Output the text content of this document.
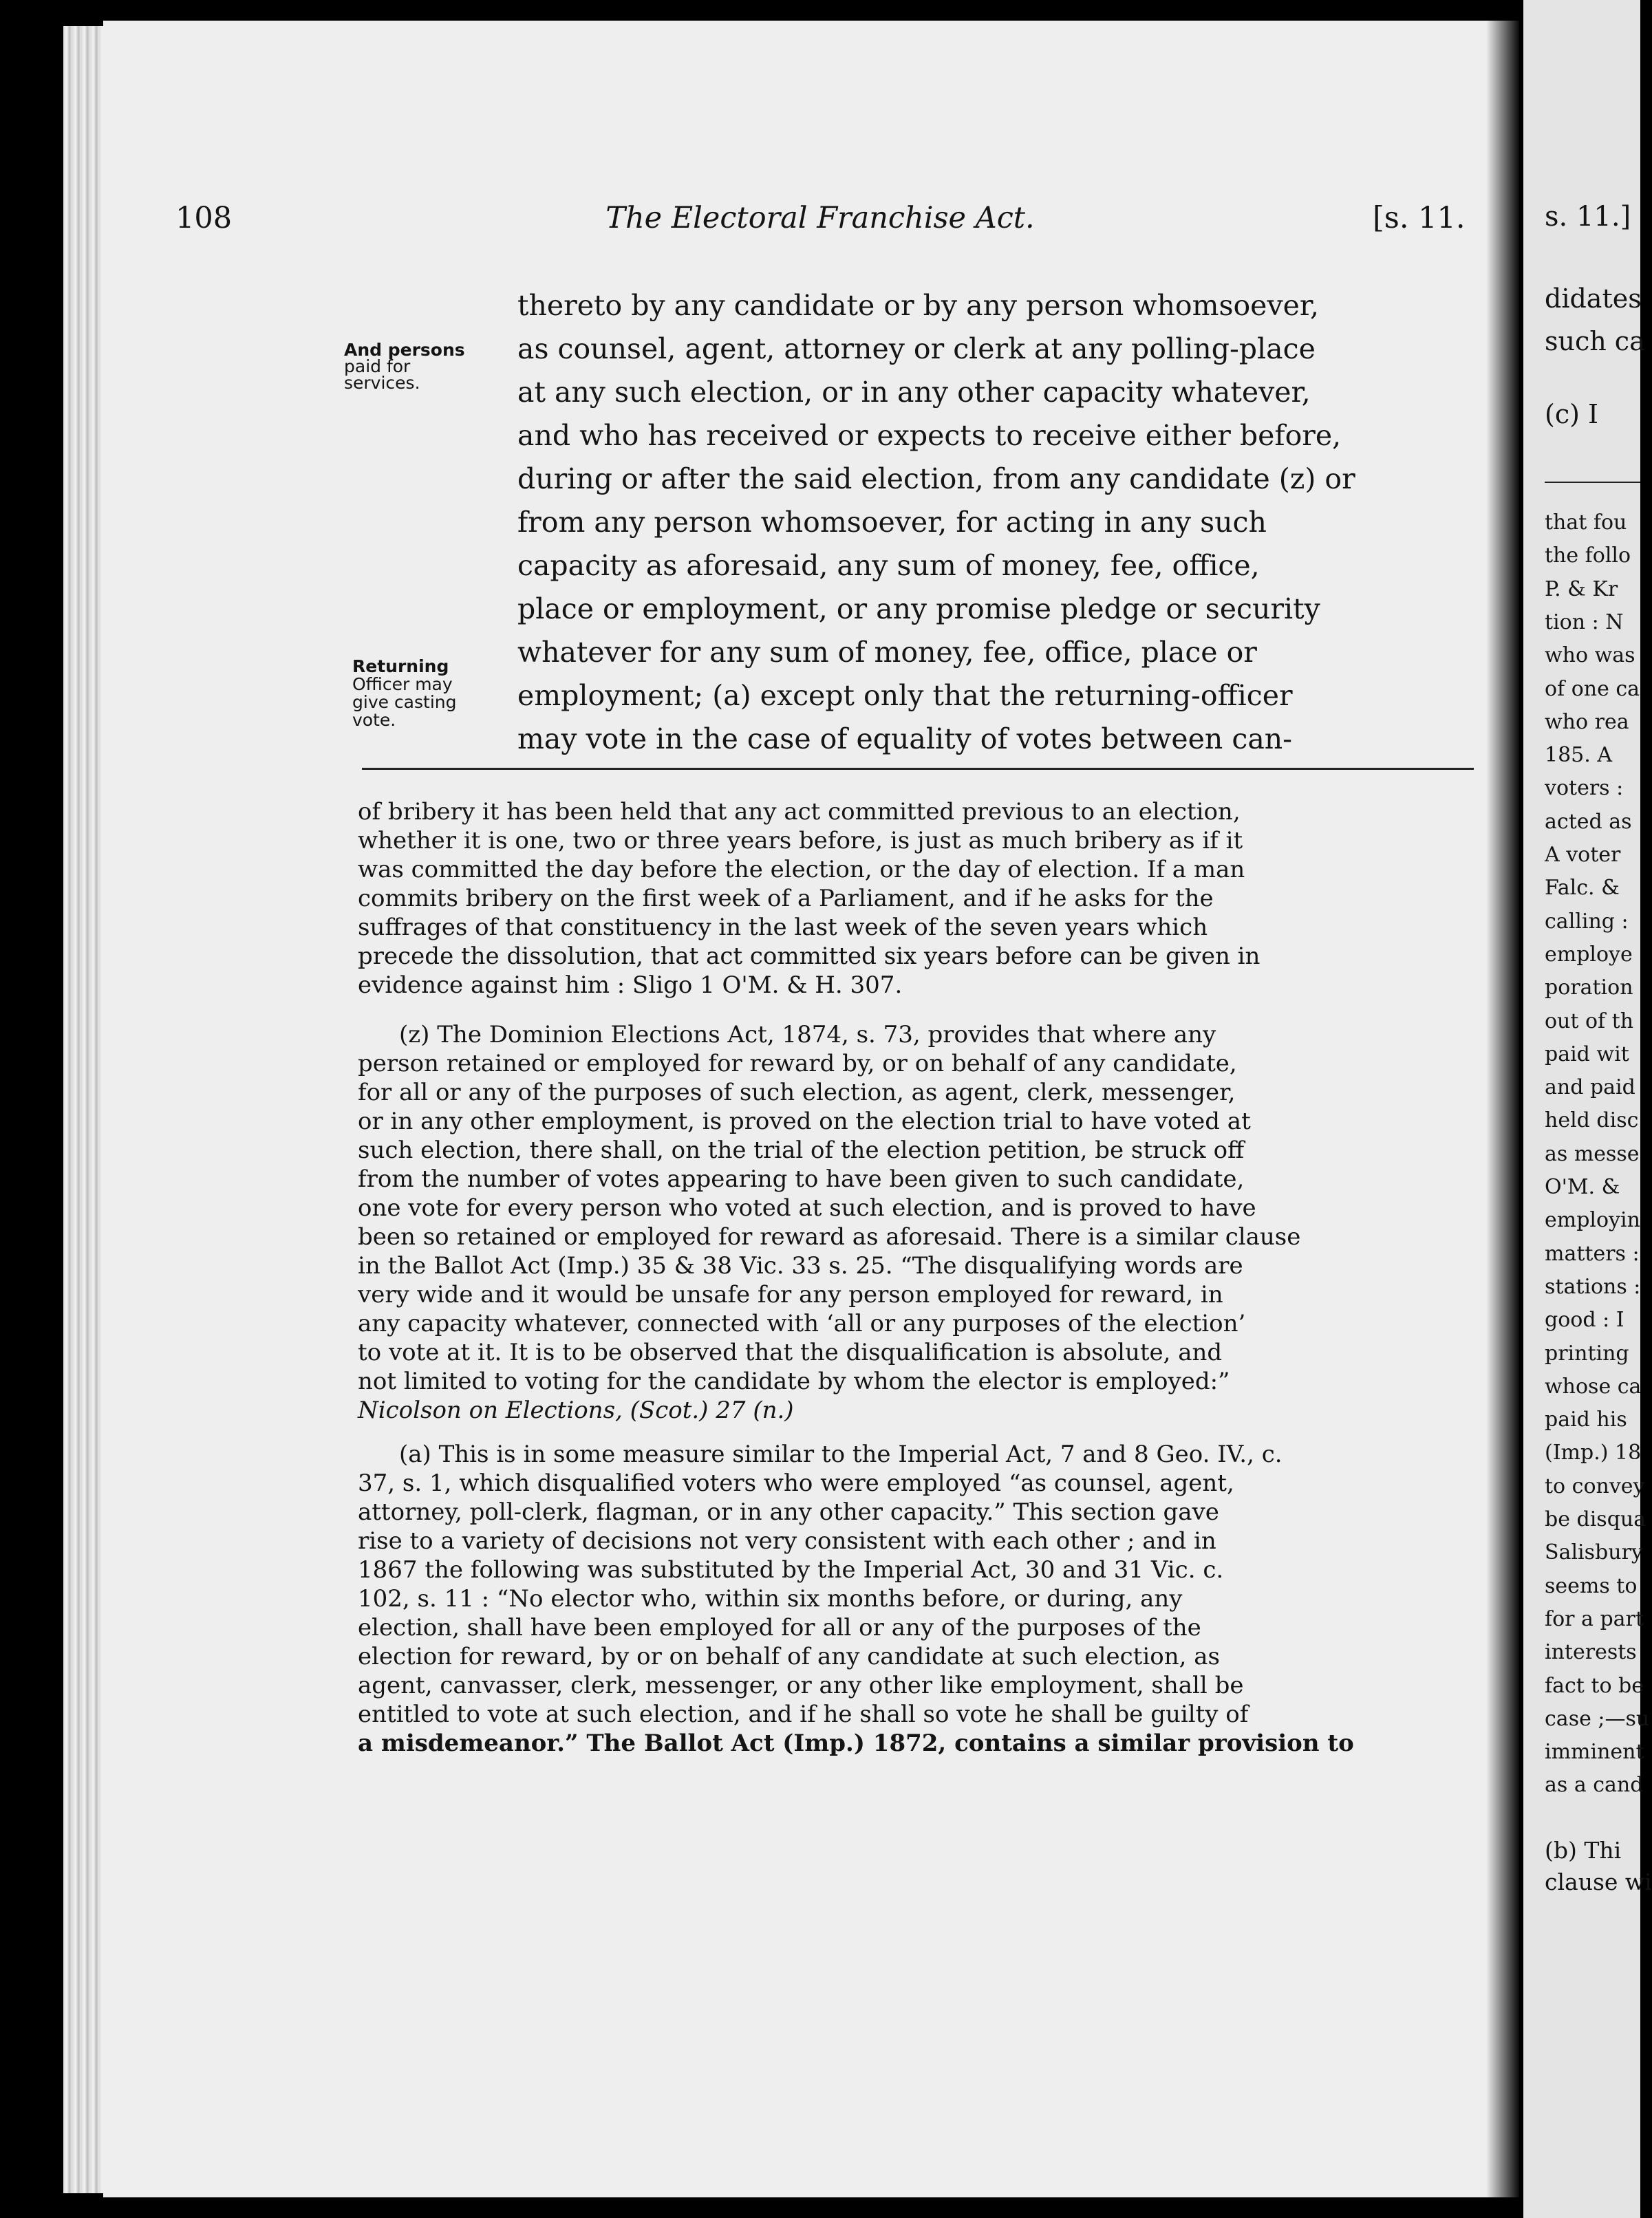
108	The Electoral Franchise Act.	[s. 11.
And persons
paid for
services.
Returning
Officer may
give casting
vote.
thereto by any candidate or by any person whomsoever,
as counsel, agent, attorney or clerk at any polling-place
at any such election, or in any other capacity whatever,
and who has received or expects to receive either before,
during or after the said election, from any candidate (z) or
from any person whomsoever, for acting in any such
capacity as aforesaid, any sum of money, fee, office,
place or employment, or any promise pledge or security
whatever for any sum of money, fee, office, place or
employment; (a) except only that the returning-officer
may vote in the case of equality of votes between can-
of bribery it has been held that any act committed previous to an election,
whether it is one, two or three years before, is just as much bribery as if it
was committed the day before the election, or the day of election. If a man
commits bribery on the first week of a Parliament, and if he asks for the
suffrages of that constituency in the last week of the seven years which
precede the dissolution, that act committed six years before can be given in
evidence against him : Sligo 1 O'M. & H. 307.
(z) The Dominion Elections Act, 1874, s. 73, provides that where any
person retained or employed for reward by, or on behalf of any candidate,
for all or any of the purposes of such election, as agent, clerk, messenger,
or in any other employment, is proved on the election trial to have voted at
such election, there shall, on the trial of the election petition, be struck off
from the number of votes appearing to have been given to such candidate,
one vote for every person who voted at such election, and is proved to have
been so retained or employed for reward as aforesaid. There is a similar clause
in the Ballot Act (Imp.) 35 & 38 Vic. 33 s. 25. “The disqualifying words are
very wide and it would be unsafe for any person employed for reward, in
any capacity whatever, connected with ‘all or any purposes of the election’
to vote at it. It is to be observed that the disqualification is absolute, and
not limited to voting for the candidate by whom the elector is employed:”
Nicolson on Elections, (Scot.) 27 (n.)
(a) This is in some measure similar to the Imperial Act, 7 and 8 Geo. IV., c.
37, s. 1, which disqualified voters who were employed “as counsel, agent,
attorney, poll-clerk, flagman, or in any other capacity.” This section gave
rise to a variety of decisions not very consistent with each other ; and in
1867 the following was substituted by the Imperial Act, 30 and 31 Vic. c.
102, s. 11 : “No elector who, within six months before, or during, any
election, shall have been employed for all or any of the purposes of the
election for reward, by or on behalf of any candidate at such election, as
agent, canvasser, clerk, messenger, or any other like employment, shall be
entitled to vote at such election, and if he shall so vote he shall be guilty of
a misdemeanor.” The Ballot Act (Imp.) 1872, contains a similar provision to
s. 11.]
didates
such ca
(c) I
that fou
the follo
P. & Kr
tion : N
who was
of one ca
who rea
185. A
voters :
acted as
A voter
Falc. &
calling :
employe
poration
out of th
paid wit
and paid
held disc
as messe
O'M. &
employin
matters :
stations :
good : I
printing
whose ca
paid his
(Imp.) 18
to convey
be disqua
Salisbury
seems to
for a part
interests
fact to be
case ;—su
imminent
as a cand
(b) Thi
clause wi
